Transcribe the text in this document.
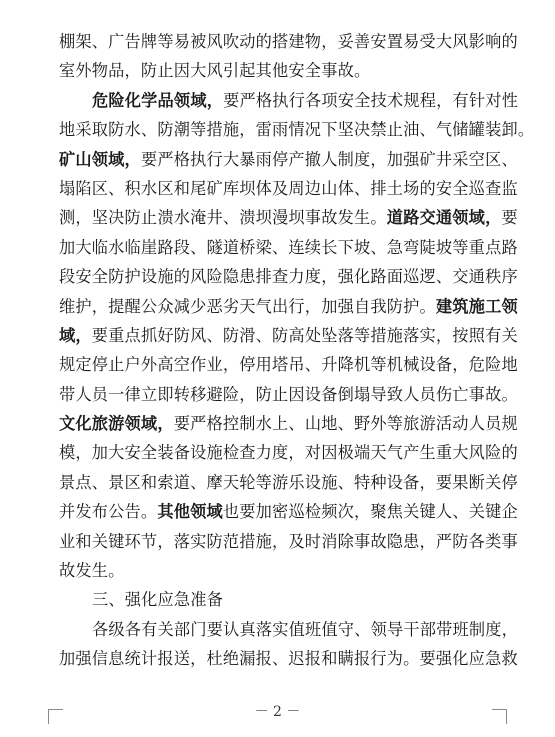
棚架、广告牌等易被风吹动的搭建物，妥善安置易受大风影响的
室外物品，防止因大风引起其他安全事故。
危险化学品领域，要严格执行各项安全技术规程，有针对性
地采取防水、防潮等措施，雷雨情况下坚决禁止油、气储罐装卸。
矿山领域，要严格执行大暴雨停产撤人制度，加强矿井采空区、
塌陷区、积水区和尾矿库坝体及周边山体、排土场的安全巡查监
测，坚决防止溃水淹井、溃坝漫坝事故发生。道路交通领域，要
加大临水临崖路段、隧道桥梁、连续长下坡、急弯陡坡等重点路
段安全防护设施的风险隐患排查力度，强化路面巡逻、交通秩序
维护，提醒公众减少恶劣天气出行，加强自我防护。建筑施工领
域，要重点抓好防风、防滑、防高处坠落等措施落实，按照有关
规定停止户外高空作业，停用塔吊、升降机等机械设备，危险地
带人员一律立即转移避险，防止因设备倒塌导致人员伤亡事故。
文化旅游领域，要严格控制水上、山地、野外等旅游活动人员规
模，加大安全装备设施检查力度，对因极端天气产生重大风险的
景点、景区和索道、摩天轮等游乐设施、特种设备，要果断关停
并发布公告。其他领域也要加密巡检频次，聚焦关键人、关键企
业和关键环节，落实防范措施，及时消除事故隐患，严防各类事
故发生。
三、强化应急准备
各级各有关部门要认真落实值班值守、领导干部带班制度，
加强信息统计报送，杜绝漏报、迟报和瞒报行为。要强化应急救
－ 2 －
